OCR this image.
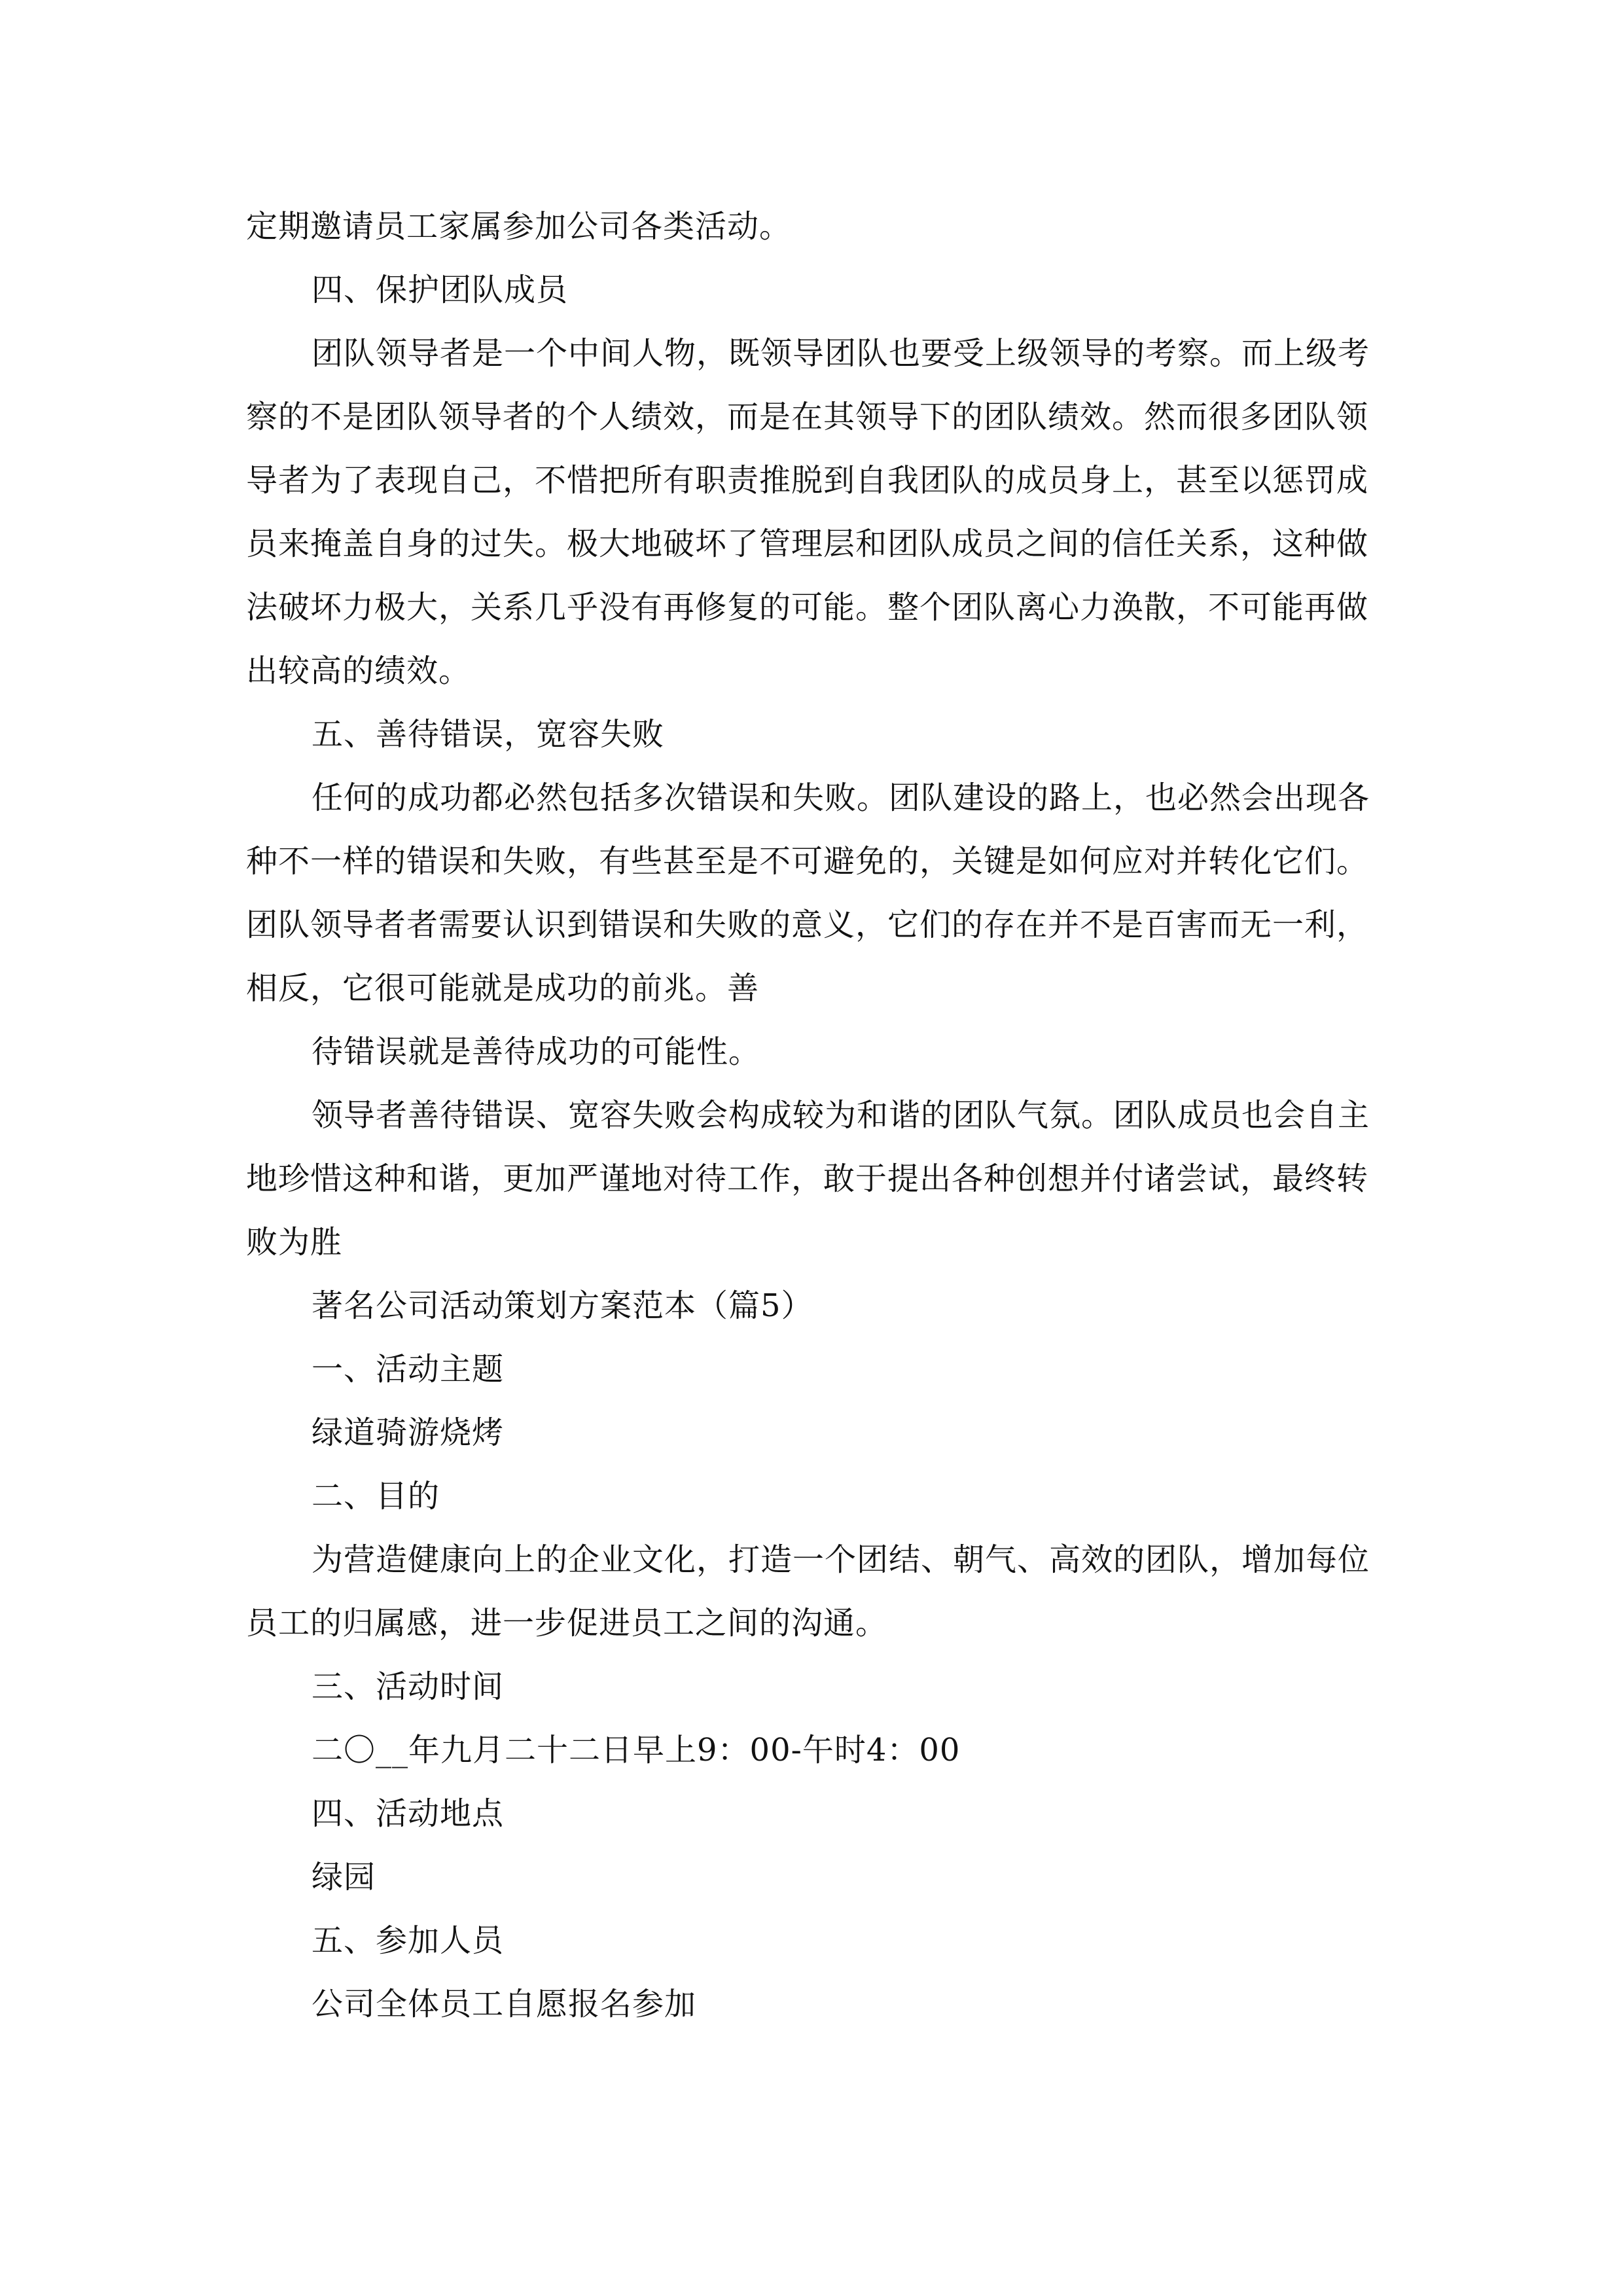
定期邀请员工家属参加公司各类活动。

四、保护团队成员

团队领导者是一个中间人物，既领导团队也要受上级领导的考察。而上级考

察的不是团队领导者的个人绩效，而是在其领导下的团队绩效。然而很多团队领

导者为了表现自己，不惜把所有职责推脱到自我团队的成员身上，甚至以惩罚成

员来掩盖自身的过失。极大地破坏了管理层和团队成员之间的信任关系，这种做

法破坏力极大，关系几乎没有再修复的可能。整个团队离心力涣散，不可能再做

出较高的绩效。

五、善待错误，宽容失败

任何的成功都必然包括多次错误和失败。团队建设的路上，也必然会出现各

种不一样的错误和失败，有些甚至是不可避免的，关键是如何应对并转化它们。

团队领导者者需要认识到错误和失败的意义，它们的存在并不是百害而无一利，

相反，它很可能就是成功的前兆。善

待错误就是善待成功的可能性。

领导者善待错误、宽容失败会构成较为和谐的团队气氛。团队成员也会自主

地珍惜这种和谐，更加严谨地对待工作，敢于提出各种创想并付诸尝试，最终转

败为胜

著名公司活动策划方案范本（篇5）

一、活动主题

绿道骑游烧烤

二、目的

为营造健康向上的企业文化，打造一个团结、朝气、高效的团队，增加每位

员工的归属感，进一步促进员工之间的沟通。

三、活动时间

二〇__年九月二十二日早上9：00-午时4：00

四、活动地点

绿园

五、参加人员

公司全体员工自愿报名参加
